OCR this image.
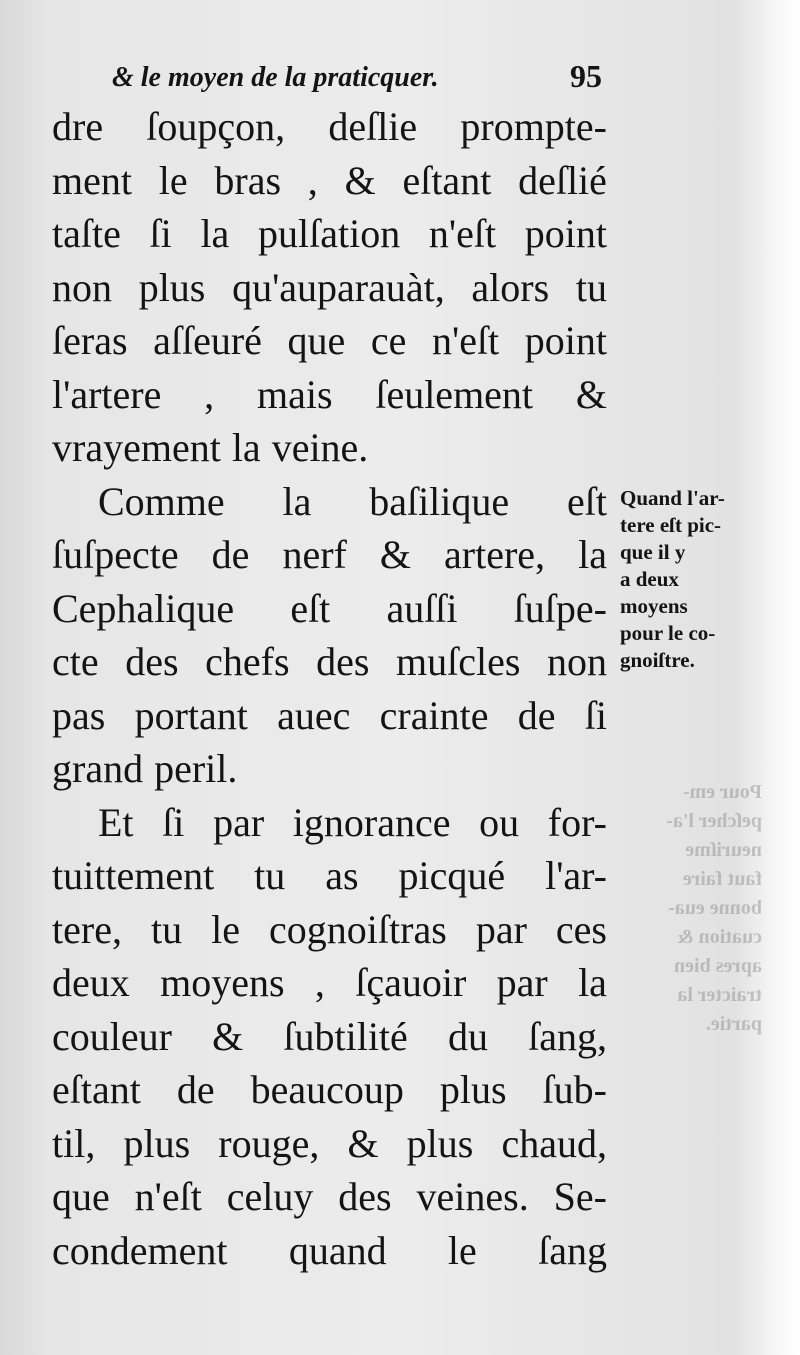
Pour em-
peſcher l'a-
neuriſme
faut faire
bonne eua-
cuation &
apres bien
traicter la
partie.
& le moyen de la praticquer.	95
dre ſoupçon, deſlie prompte-
ment le bras , & eſtant deſlié
taſte ſi la pulſation n'eſt point
non plus qu'auparauàt, alors tu
ſeras aſſeuré que ce n'eſt point
l'artere , mais ſeulement &
vrayement la veine.
Comme la baſilique eſt
ſuſpecte de nerf & artere, la
Cephalique eſt auſſi ſuſpe-
cte des chefs des muſcles non
pas portant auec crainte de ſi
grand peril.
Et ſi par ignorance ou for-
tuittement tu as picqué l'ar-
tere, tu le cognoiſtras par ces
deux moyens , ſçauoir par la
couleur & ſubtilité du ſang,
eſtant de beaucoup plus ſub-
til, plus rouge, & plus chaud,
que n'eſt celuy des veines. Se-
condement quand le ſang
Quand l'ar-
tere eſt pic-
que il y
a deux
moyens
pour le co-
gnoiſtre.
